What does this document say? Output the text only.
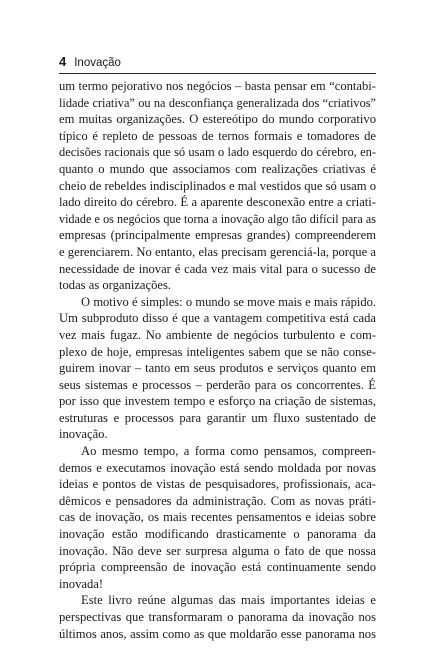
4 Inovação
um termo pejorativo nos negócios – basta pensar em “contabi-
lidade criativa” ou na desconfiança generalizada dos “criativos”
em muitas organizações. O estereótipo do mundo corporativo
típico é repleto de pessoas de ternos formais e tomadores de
decisões racionais que só usam o lado esquerdo do cérebro, en-
quanto o mundo que associamos com realizações criativas é
cheio de rebeldes indisciplinados e mal vestidos que só usam o
lado direito do cérebro. É a aparente desconexão entre a criati-
vidade e os negócios que torna a inovação algo tão difícil para as
empresas (principalmente empresas grandes) compreenderem
e gerenciarem. No entanto, elas precisam gerenciá-la, porque a
necessidade de inovar é cada vez mais vital para o sucesso de
todas as organizações.
O motivo é simples: o mundo se move mais e mais rápido.
Um subproduto disso é que a vantagem competitiva está cada
vez mais fugaz. No ambiente de negócios turbulento e com-
plexo de hoje, empresas inteligentes sabem que se não conse-
guirem inovar – tanto em seus produtos e serviços quanto em
seus sistemas e processos – perderão para os concorrentes. É
por isso que investem tempo e esforço na criação de sistemas,
estruturas e processos para garantir um fluxo sustentado de
inovação.
Ao mesmo tempo, a forma como pensamos, compreen-
demos e executamos inovação está sendo moldada por novas
ideias e pontos de vistas de pesquisadores, profissionais, aca-
dêmicos e pensadores da administração. Com as novas práti-
cas de inovação, os mais recentes pensamentos e ideias sobre
inovação estão modificando drasticamente o panorama da
inovação. Não deve ser surpresa alguma o fato de que nossa
própria compreensão de inovação está continuamente sendo
inovada!
Este livro reúne algumas das mais importantes ideias e
perspectivas que transformaram o panorama da inovação nos
últimos anos, assim como as que moldarão esse panorama nos
